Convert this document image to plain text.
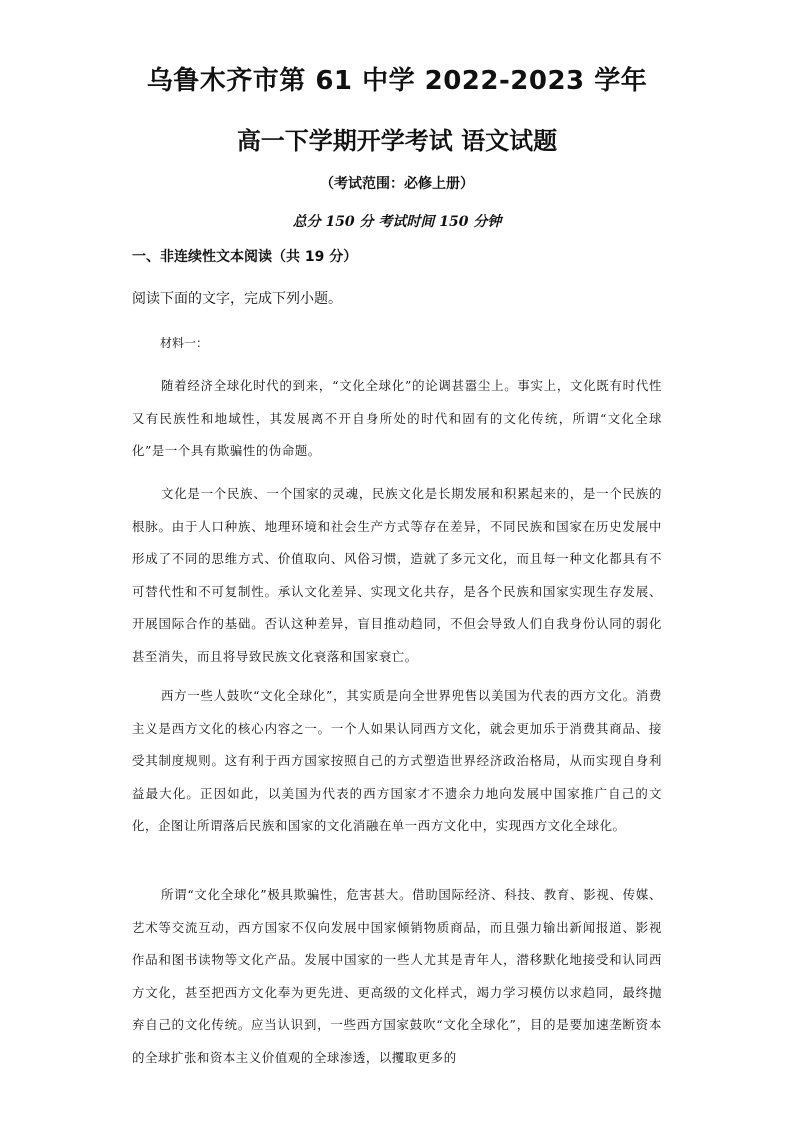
乌鲁木齐市第 61 中学 2022-2023 学年
高一下学期开学考试 语文试题
（考试范围：必修上册）
总分 150 分 考试时间 150 分钟
一、非连续性文本阅读（共 19 分）
阅读下面的文字，完成下列小题。
材料一：

随着经济全球化时代的到来，“文化全球化”的论调甚嚣尘上。事实上，文化既有时代性又有民族性和地域性，其发展离不开自身所处的时代和固有的文化传统，所谓“文化全球化”是一个具有欺骗性的伪命题。

文化是一个民族、一个国家的灵魂，民族文化是长期发展和积累起来的，是一个民族的根脉。由于人口种族、地理环境和社会生产方式等存在差异，不同民族和国家在历史发展中形成了不同的思维方式、价值取向、风俗习惯，造就了多元文化，而且每一种文化都具有不可替代性和不可复制性。承认文化差异、实现文化共存，是各个民族和国家实现生存发展、开展国际合作的基础。否认这种差异，盲目推动趋同，不但会导致人们自我身份认同的弱化甚至消失，而且将导致民族文化衰落和国家衰亡。

西方一些人鼓吹“文化全球化”，其实质是向全世界兜售以美国为代表的西方文化。消费主义是西方文化的核心内容之一。一个人如果认同西方文化，就会更加乐于消费其商品、接受其制度规则。这有利于西方国家按照自己的方式塑造世界经济政治格局，从而实现自身利益最大化。正因如此，以美国为代表的西方国家才不遗余力地向发展中国家推广自己的文化，企图让所谓落后民族和国家的文化消融在单一西方文化中，实现西方文化全球化。

所谓“文化全球化”极具欺骗性，危害甚大。借助国际经济、科技、教育、影视、传媒、艺术等交流互动，西方国家不仅向发展中国家倾销物质商品，而且强力输出新闻报道、影视作品和图书读物等文化产品。发展中国家的一些人尤其是青年人，潜移默化地接受和认同西方文化，甚至把西方文化奉为更先进、更高级的文化样式，竭力学习模仿以求趋同，最终抛弃自己的文化传统。应当认识到，一些西方国家鼓吹“文化全球化”，目的是要加速垄断资本的全球扩张和资本主义价值观的全球渗透，以攫取更多的
